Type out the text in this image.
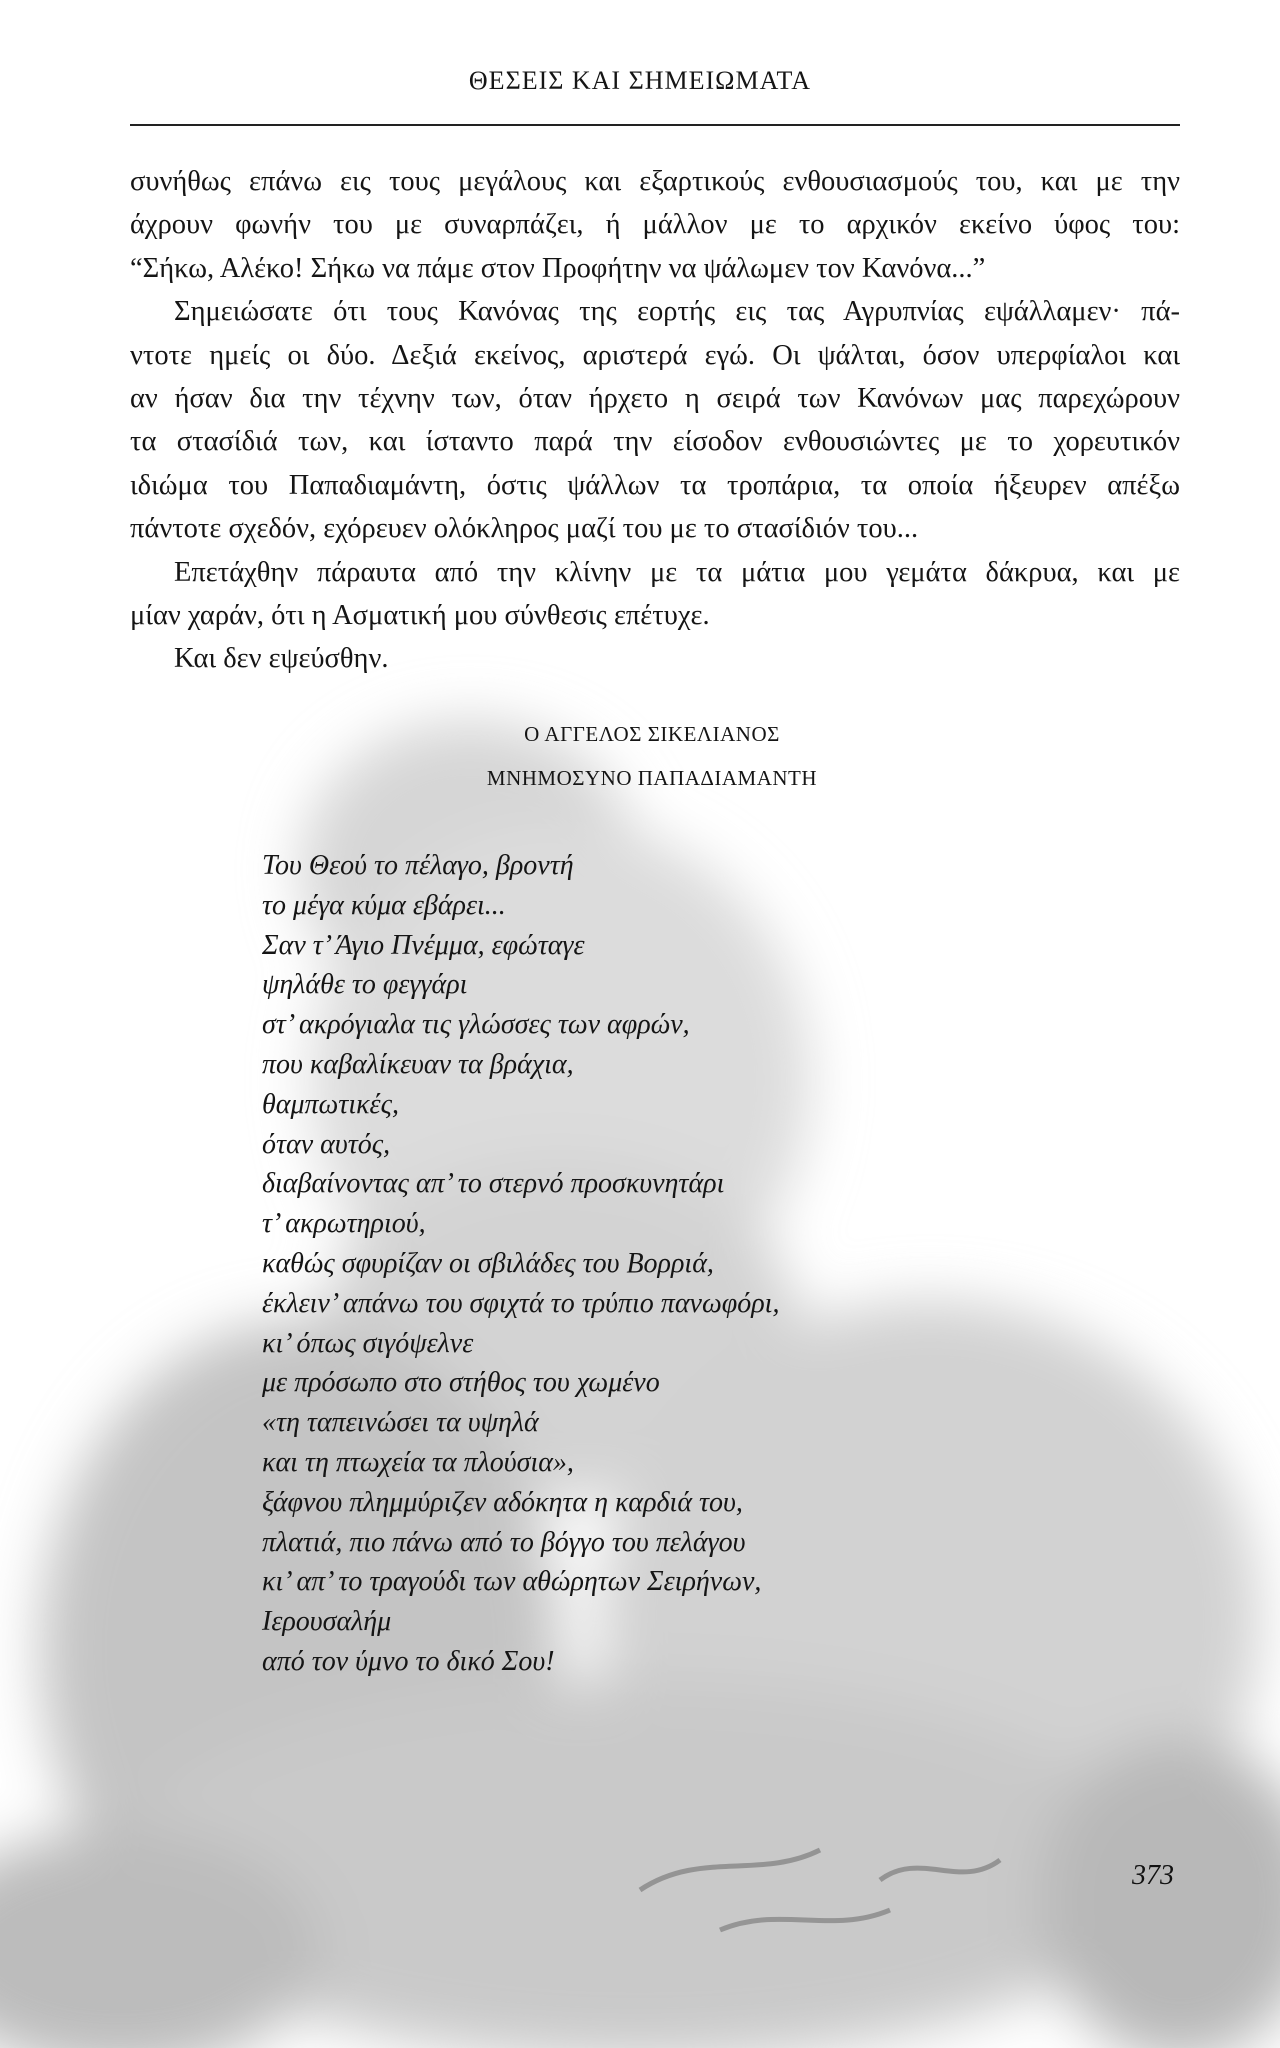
ΘΕΣΕΙΣ ΚΑΙ ΣΗΜΕΙΩΜΑΤΑ

συνήθως επάνω εις τους μεγάλους και εξαρτικούς ενθουσιασμούς του, και με την

άχρουν φωνήν του με συναρπάζει, ή μάλλον με το αρχικόν εκείνο ύφος του:

“Σήκω, Αλέκο! Σήκω να πάμε στον Προφήτην να ψάλωμεν τον Κανόνα...”

Σημειώσατε ότι τους Κανόνας της εορτής εις τας Αγρυπνίας εψάλλαμεν· πά-

ντοτε ημείς οι δύο. Δεξιά εκείνος, αριστερά εγώ. Οι ψάλται, όσον υπερφίαλοι και

αν ήσαν δια την τέχνην των, όταν ήρχετο η σειρά των Κανόνων μας παρεχώρουν

τα στασίδιά των, και ίσταντο παρά την είσοδον ενθουσιώντες με το χορευτικόν

ιδιώμα του Παπαδιαμάντη, όστις ψάλλων τα τροπάρια, τα οποία ήξευρεν απέξω

πάντοτε σχεδόν, εχόρευεν ολόκληρος μαζί του με το στασίδιόν του...

Επετάχθην πάραυτα από την κλίνην με τα μάτια μου γεμάτα δάκρυα, και με

μίαν χαράν, ότι η Ασματική μου σύνθεσις επέτυχε.

Και δεν εψεύσθην.

Ο ΑΓΓΕΛΟΣ ΣΙΚΕΛΙΑΝΟΣ
ΜΝΗΜΟΣΥΝΟ ΠΑΠΑΔΙΑΜΑΝΤΗ
Του Θεού το πέλαγο, βροντή
το μέγα κύμα εβάρει...
Σαν τ’ Άγιο Πνέμμα, εφώταγε
ψηλάθε το φεγγάρι
στ’ ακρόγιαλα τις γλώσσες των αφρών,
που καβαλίκευαν τα βράχια,
θαμπωτικές,
όταν αυτός,
διαβαίνοντας απ’ το στερνό προσκυνητάρι
τ’ ακρωτηριού,
καθώς σφυρίζαν οι σβιλάδες του Βορριά,
έκλειν’ απάνω του σφιχτά το τρύπιο πανωφόρι,
κι’ όπως σιγόψελνε
με πρόσωπο στο στήθος του χωμένο
«τη ταπεινώσει τα υψηλά
και τη πτωχεία τα πλούσια»,
ξάφνου πλημμύριζεν αδόκητα η καρδιά του,
πλατιά, πιο πάνω από το βόγγο του πελάγου
κι’ απ’ το τραγούδι των αθώρητων Σειρήνων,
Ιερουσαλήμ
από τον ύμνο το δικό Σου!
373
